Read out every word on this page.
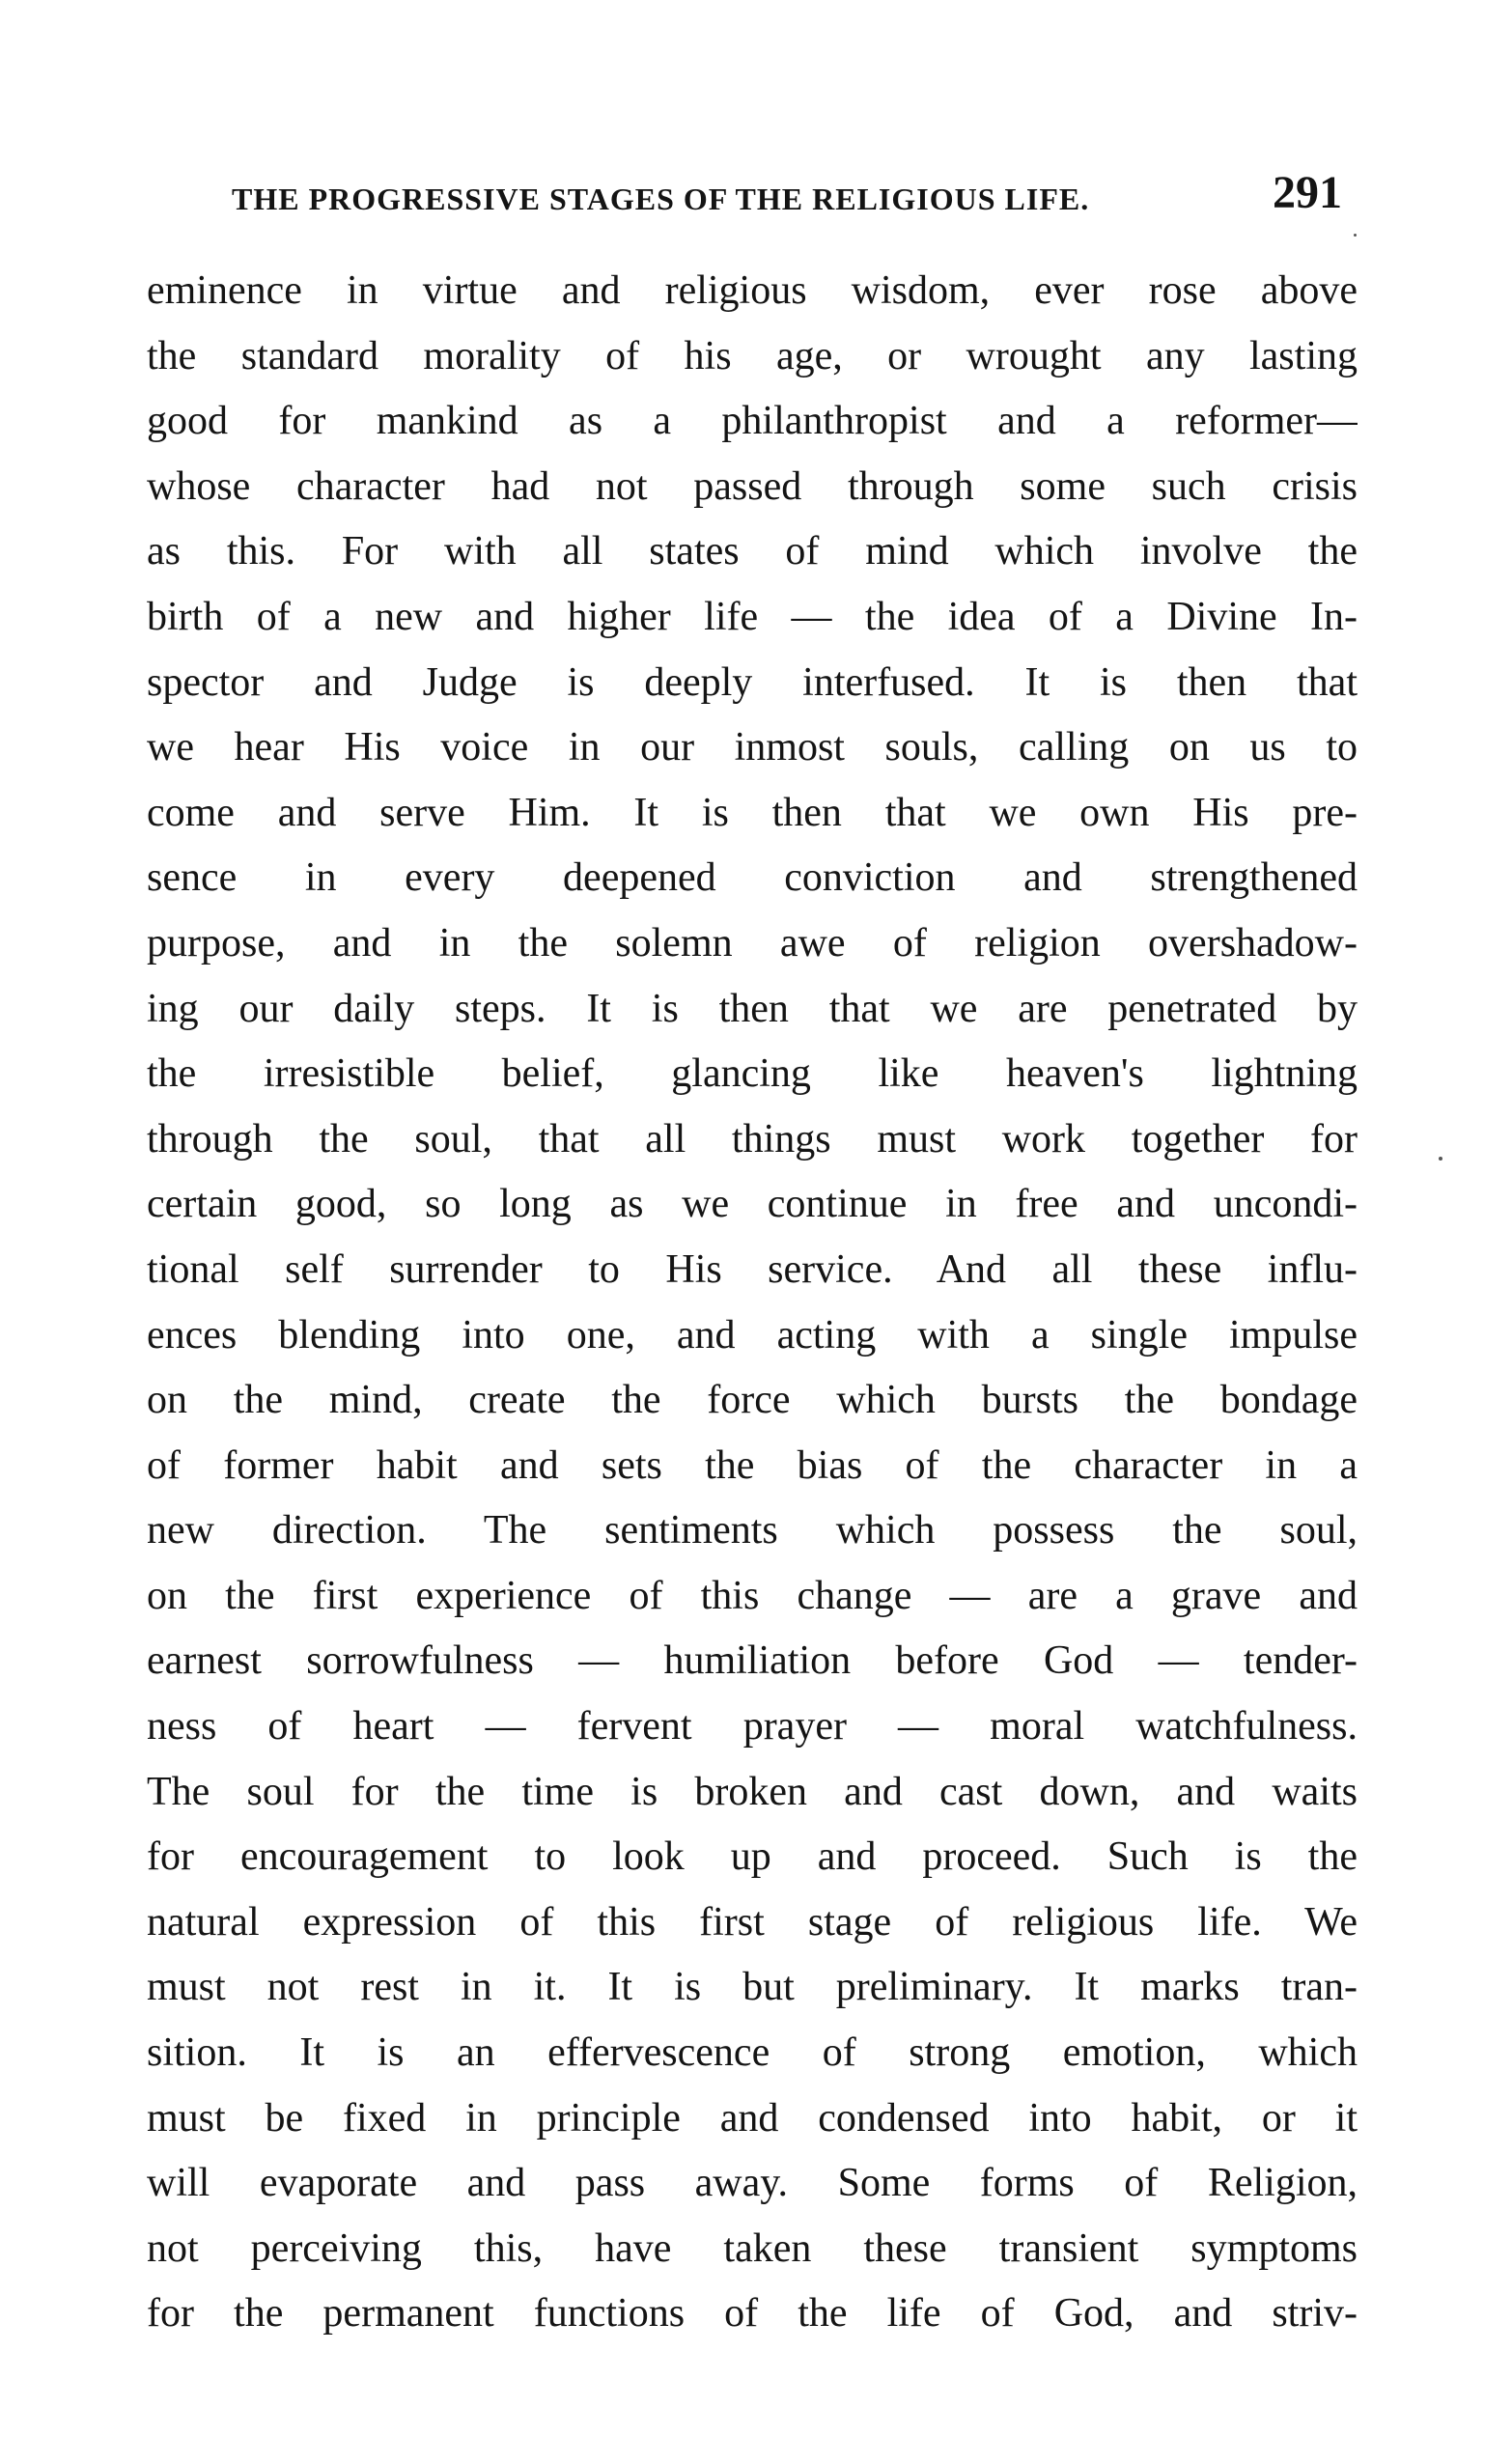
THE PROGRESSIVE STAGES OF THE RELIGIOUS LIFE.	291
eminence in virtue and religious wisdom, ever rose above
the standard morality of his age, or wrought any lasting
good for mankind as a philanthropist and a reformer—
whose character had not passed through some such crisis
as this. For with all states of mind which involve the
birth of a new and higher life — the idea of a Divine In-
spector and Judge is deeply interfused. It is then that
we hear His voice in our inmost souls, calling on us to
come and serve Him. It is then that we own His pre-
sence in every deepened conviction and strengthened
purpose, and in the solemn awe of religion overshadow-
ing our daily steps. It is then that we are penetrated by
the irresistible belief, glancing like heaven's lightning
through the soul, that all things must work together for
certain good, so long as we continue in free and uncondi-
tional self surrender to His service. And all these influ-
ences blending into one, and acting with a single impulse
on the mind, create the force which bursts the bondage
of former habit and sets the bias of the character in a
new direction. The sentiments which possess the soul,
on the first experience of this change — are a grave and
earnest sorrowfulness — humiliation before God — tender-
ness of heart — fervent prayer — moral watchfulness.
The soul for the time is broken and cast down, and waits
for encouragement to look up and proceed. Such is the
natural expression of this first stage of religious life. We
must not rest in it. It is but preliminary. It marks tran-
sition. It is an effervescence of strong emotion, which
must be fixed in principle and condensed into habit, or it
will evaporate and pass away. Some forms of Religion,
not perceiving this, have taken these transient symptoms
for the permanent functions of the life of God, and striv-
